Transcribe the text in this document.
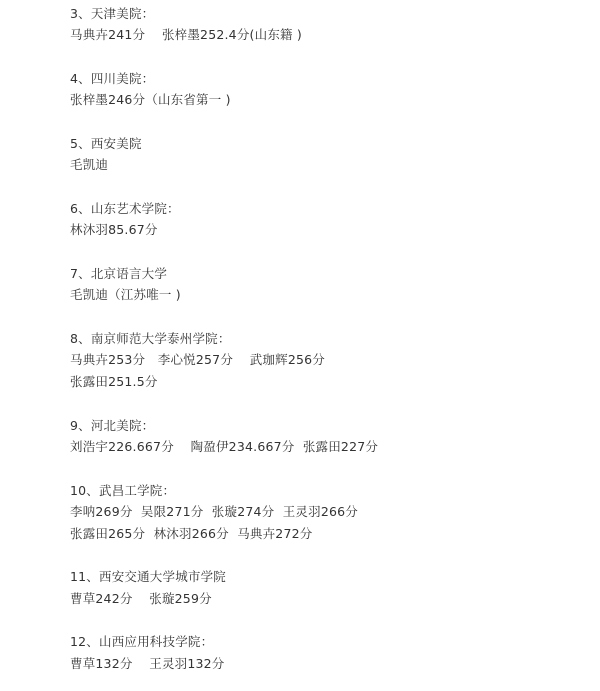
3、天津美院：
马典卉241分    张梓墨252.4分(山东籍 )
4、四川美院：
张梓墨246分（山东省第一 )
5、西安美院
毛凯迪
6、山东艺术学院：
林沐羽85.67分
7、北京语言大学
毛凯迪（江苏唯一 )
8、南京师范大学泰州学院：
马典卉253分   李心悦257分    武珈辉256分
张露田251.5分
9、河北美院：
刘浩宇226.667分    陶盈伊234.667分  张露田227分
10、武昌工学院：
李呐269分  吴限271分  张璇274分  王灵羽266分
张露田265分  林沐羽266分  马典卉272分
11、西安交通大学城市学院
曹草242分    张璇259分
12、山西应用科技学院：
曹草132分    王灵羽132分
